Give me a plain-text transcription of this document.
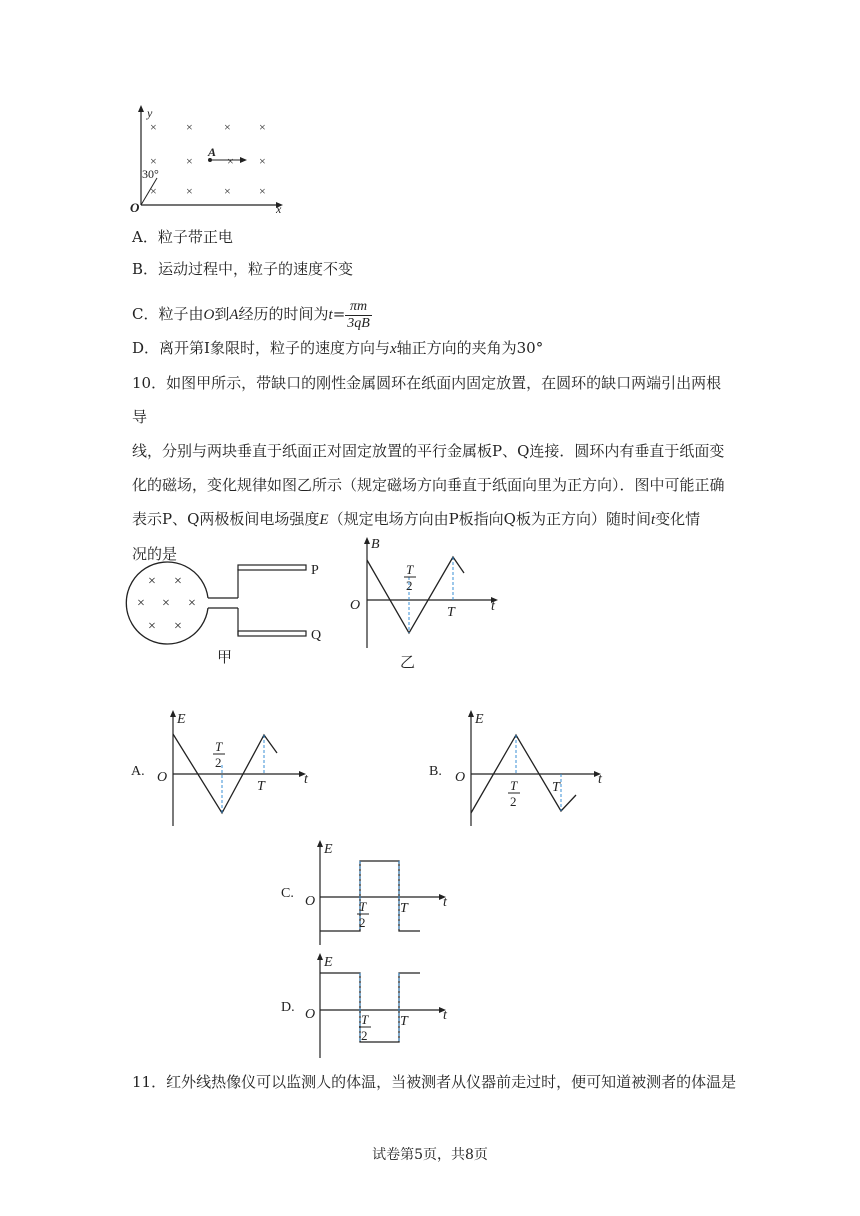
y
x
O
× ×	× ×
× ×	× ×
× ×	× ×
A
30°
A．粒子带正电
B．运动过程中，粒子的速度不变
C．粒子由O到A经历的时间为$t= \frac{\pi m}{3qB}$
D．离开第Ⅰ象限时，粒子的速度方向与x轴正方向的夹角为30°
10．如图甲所示，带缺口的刚性金属圆环在纸面内固定放置，在圆环的缺口两端引出两根导
线，分别与两块垂直于纸面正对固定放置的平行金属板P、Q连接．圆环内有垂直于纸面变
化的磁场，变化规律如图乙所示（规定磁场方向垂直于纸面向里为正方向）．图中可能正确
表示P、Q两极板间电场强度E（规定电场方向由P板指向Q板为正方向）随时间t变化情
况的是
P
Q
× ×
× × ×
× ×
甲
B
t
O
T
2
T
乙
A.
E
t
O
T
2
T
B.
E
t
O
T
2
T
C.
E
t
O	T
2
T
D.
E
t
O	T
2
T
11．红外线热像仪可以监测人的体温，当被测者从仪器前走过时，便可知道被测者的体温是
试卷第5页，共8页
